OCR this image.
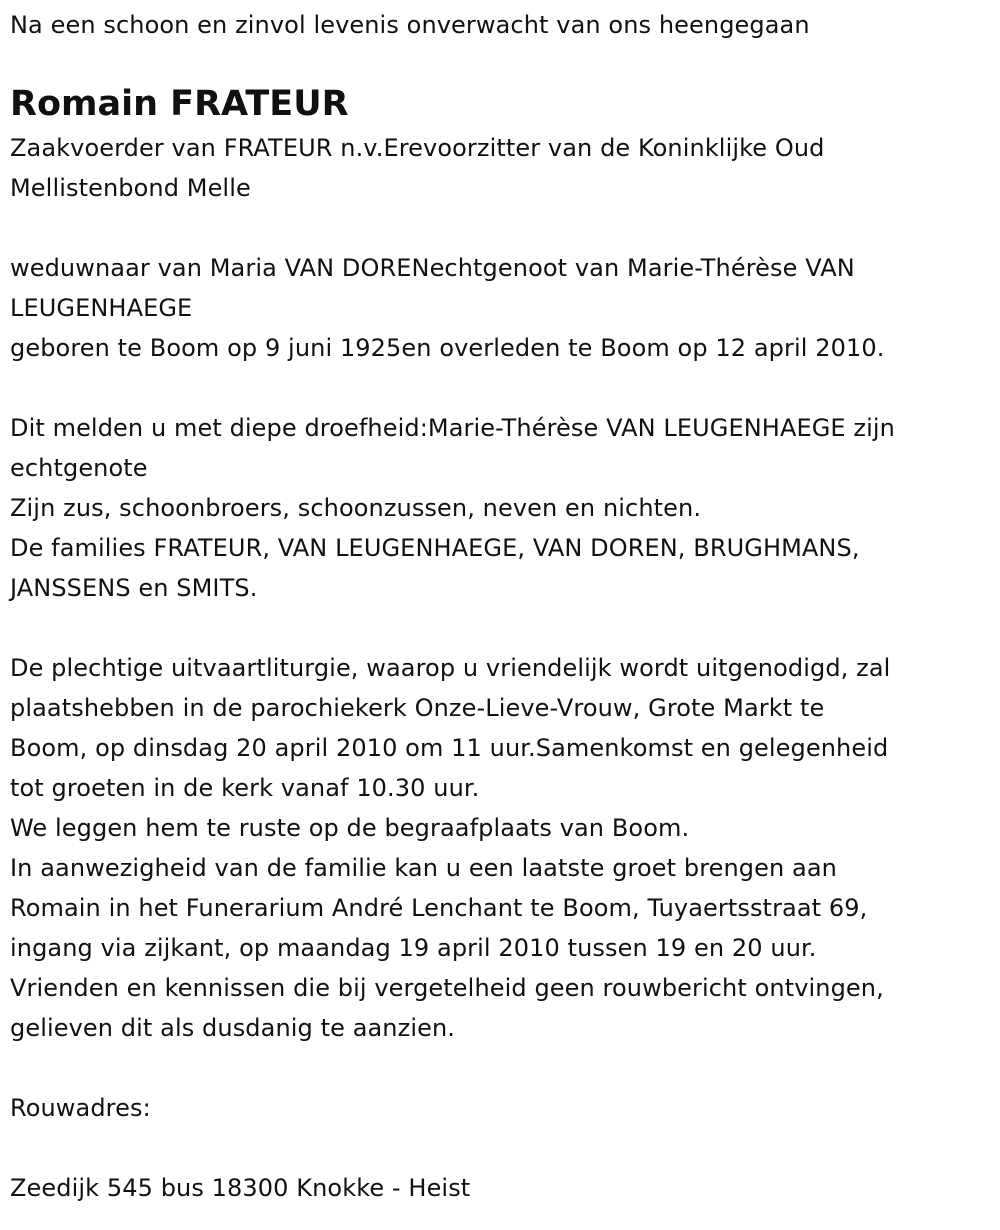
Na een schoon en zinvol levenis onverwacht van ons heengegaan
Romain FRATEUR
Zaakvoerder van FRATEUR n.v.Erevoorzitter van de Koninklijke Oud
Mellistenbond Melle
weduwnaar van Maria VAN DORENechtgenoot van Marie-Thérèse VAN
LEUGENHAEGE
geboren te Boom op 9 juni 1925en overleden te Boom op 12 april 2010.
Dit melden u met diepe droefheid:Marie-Thérèse VAN LEUGENHAEGE zijn
echtgenote
Zijn zus, schoonbroers, schoonzussen, neven en nichten.
De families FRATEUR, VAN LEUGENHAEGE, VAN DOREN, BRUGHMANS,
JANSSENS en SMITS.
De plechtige uitvaartliturgie, waarop u vriendelijk wordt uitgenodigd, zal
plaatshebben in de parochiekerk Onze-Lieve-Vrouw, Grote Markt te
Boom, op dinsdag 20 april 2010 om 11 uur.Samenkomst en gelegenheid
tot groeten in de kerk vanaf 10.30 uur.
We leggen hem te ruste op de begraafplaats van Boom.
In aanwezigheid van de familie kan u een laatste groet brengen aan
Romain in het Funerarium André Lenchant te Boom, Tuyaertsstraat 69,
ingang via zijkant, op maandag 19 april 2010 tussen 19 en 20 uur.
Vrienden en kennissen die bij vergetelheid geen rouwbericht ontvingen,
gelieven dit als dusdanig te aanzien.
Rouwadres:
Zeedijk 545 bus 18300 Knokke - Heist
